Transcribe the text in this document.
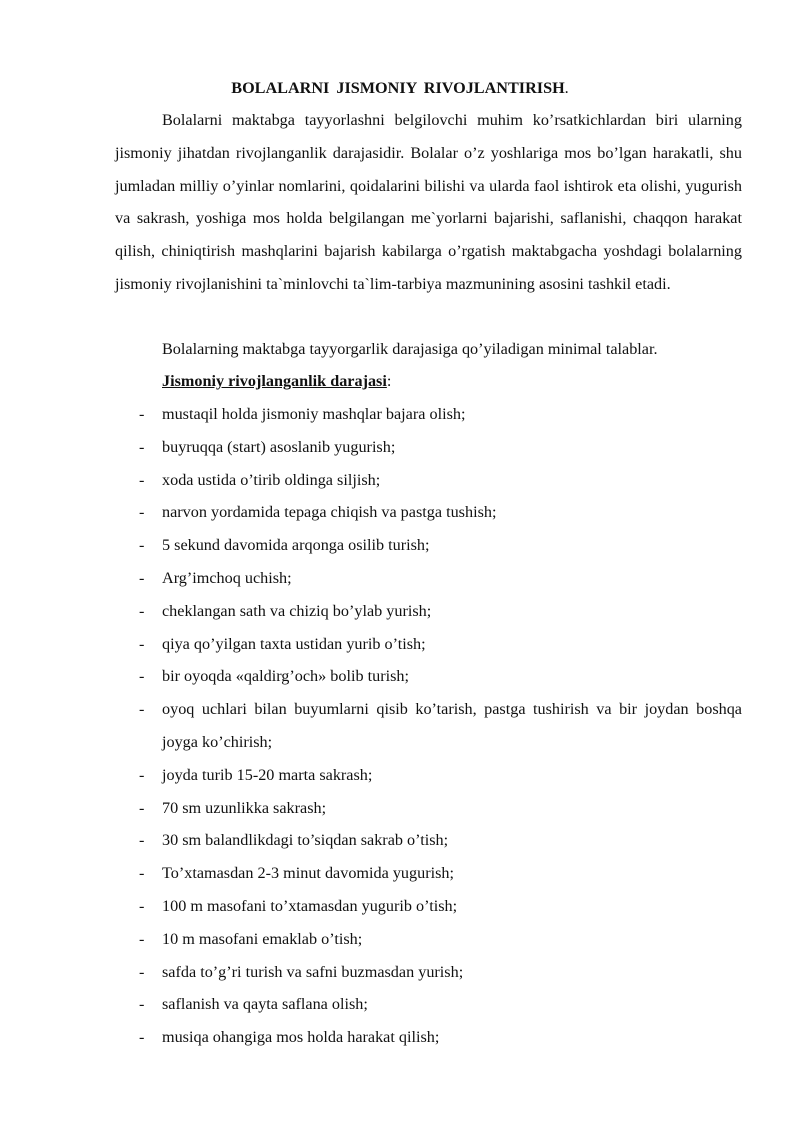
BOLALARNI JISMONIY RIVOJLANTIRISH.

Bolalarni maktabga tayyorlashni belgilovchi muhim ko’rsatkichlardan biri ularning jismoniy jihatdan rivojlanganlik darajasidir. Bolalar o’z yoshlariga mos bo’lgan harakatli, shu jumladan milliy o’yinlar nomlarini, qoidalarini bilishi va ularda faol ishtirok eta olishi, yugurish va sakrash, yoshiga mos holda belgilangan me`yorlarni bajarishi, saflanishi, chaqqon harakat qilish, chiniqtirish mashqlarini bajarish kabilarga o’rgatish maktabgacha yoshdagi bolalarning jismoniy rivojlanishini ta`minlovchi ta`lim-tarbiya mazmunining asosini tashkil etadi.

Bolalarning maktabga tayyorgarlik darajasiga qo’yiladigan minimal talablar.

Jismoniy rivojlanganlik darajasi:

- mustaqil holda jismoniy mashqlar bajara olish;
- buyruqqa (start) asoslanib yugurish;
- xoda ustida o’tirib oldinga siljish;
- narvon yordamida tepaga chiqish va pastga tushish;
- 5 sekund davomida arqonga osilib turish;
- Arg’imchoq uchish;
- cheklangan sath va chiziq bo’ylab yurish;
- qiya qo’yilgan taxta ustidan yurib o’tish;
- bir oyoqda «qaldirg’och» bolib turish;
- oyoq uchlari bilan buyumlarni qisib ko’tarish, pastga tushirish va bir joydan boshqa joyga ko’chirish;
- joyda turib 15-20 marta sakrash;
- 70 sm uzunlikka sakrash;
- 30 sm balandlikdagi to’siqdan sakrab o’tish;
- To’xtamasdan 2-3 minut davomida yugurish;
- 100 m masofani to’xtamasdan yugurib o’tish;
- 10 m masofani emaklab o’tish;
- safda to’g’ri turish va safni buzmasdan yurish;
- saflanish va qayta saflana olish;
- musiqa ohangiga mos holda harakat qilish;
